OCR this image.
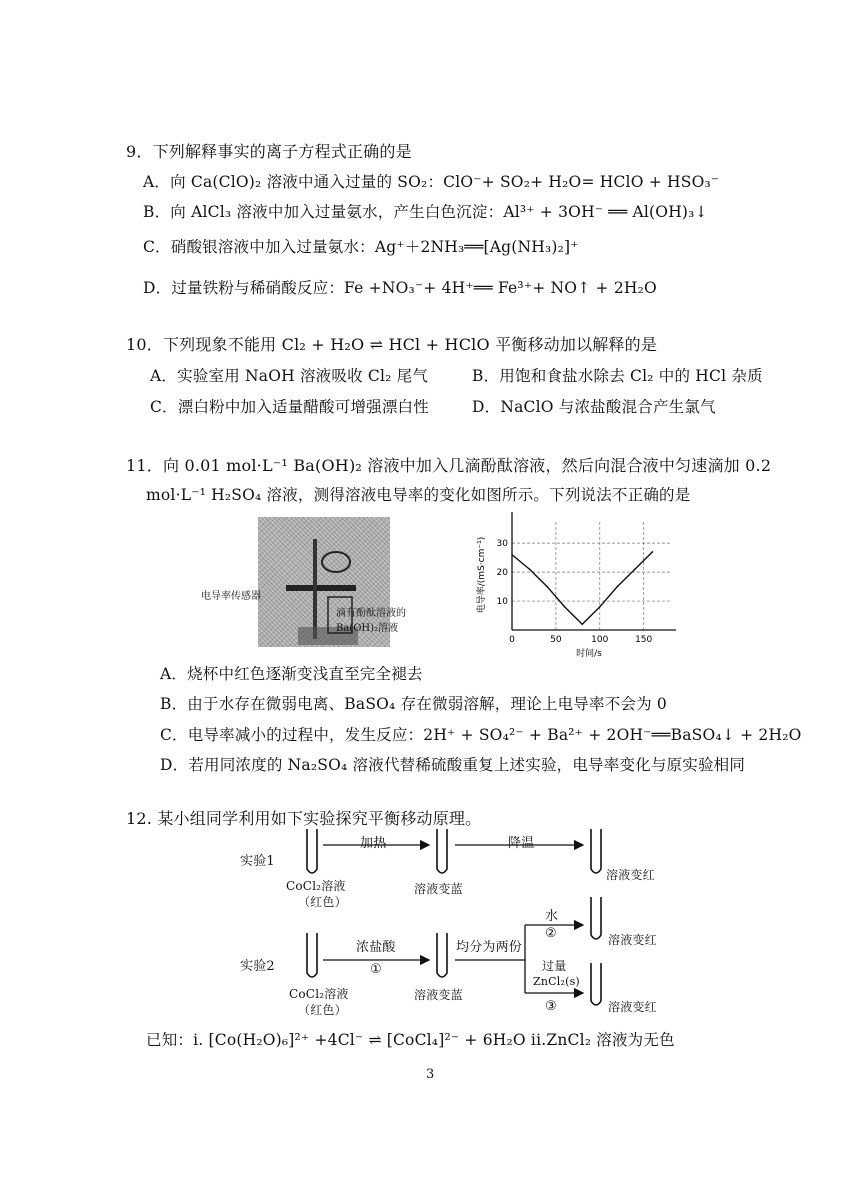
9．下列解释事实的离子方程式正确的是
A．向 Ca(ClO)₂ 溶液中通入过量的 SO₂：ClO⁻+ SO₂+ H₂O= HClO + HSO₃⁻
B．向 AlCl₃ 溶液中加入过量氨水，产生白色沉淀：Al³⁺ + 3OH⁻ ══ Al(OH)₃↓
C．硝酸银溶液中加入过量氨水：Ag⁺＋2NH₃══[Ag(NH₃)₂]⁺
D．过量铁粉与稀硝酸反应：Fe +NO₃⁻+ 4H⁺══ Fe³⁺+ NO↑ + 2H₂O
10．下列现象不能用 Cl₂ + H₂O ⇌ HCl + HClO 平衡移动加以解释的是
A．实验室用 NaOH 溶液吸收 Cl₂ 尾气	B．用饱和食盐水除去 Cl₂ 中的 HCl 杂质
C．漂白粉中加入适量醋酸可增强漂白性	D．NaClO 与浓盐酸混合产生氯气
11．向 0.01 mol·L⁻¹ Ba(OH)₂ 溶液中加入几滴酚酞溶液，然后向混合液中匀速滴加 0.2
mol·L⁻¹ H₂SO₄ 溶液，测得溶液电导率的变化如图所示。下列说法不正确的是
电导率传感器
滴有酚酞溶液的
Ba(OH)₂溶液
0	50	100	150
10
20
30
时间/s
电导率/(mS·cm⁻¹)
A．烧杯中红色逐渐变浅直至完全褪去
B．由于水存在微弱电离、BaSO₄ 存在微弱溶解，理论上电导率不会为 0
C．电导率减小的过程中，发生反应：2H⁺ + SO₄²⁻ + Ba²⁺ + 2OH⁻══BaSO₄↓ + 2H₂O
D．若用同浓度的 Na₂SO₄ 溶液代替稀硫酸重复上述实验，电导率变化与原实验相同
12. 某小组同学利用如下实验探究平衡移动原理。
实验1
加热	降温
CoCl₂溶液
（红色）
溶液变蓝
溶液变红
实验2
浓盐酸
①
均分为两份
水
②
过量
ZnCl₂(s)
③
CoCl₂溶液
（红色）
溶液变蓝
溶液变红
溶液变红
已知：i. [Co(H₂O)₆]²⁺ +4Cl⁻ ⇌ [CoCl₄]²⁻ + 6H₂O ii.ZnCl₂ 溶液为无色
3
